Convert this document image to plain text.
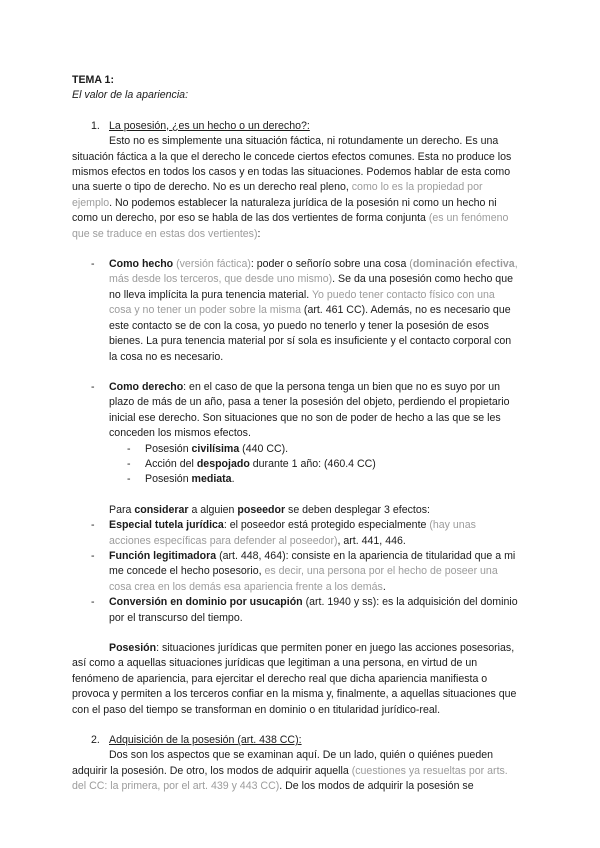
TEMA 1:

El valor de la apariencia:

1. La posesión, ¿es un hecho o un derecho?:

Esto no es simplemente una situación fáctica, ni rotundamente un derecho. Es una situación fáctica a la que el derecho le concede ciertos efectos comunes. Esta no produce los mismos efectos en todos los casos y en todas las situaciones. Podemos hablar de esta como una suerte o tipo de derecho. No es un derecho real pleno, como lo es la propiedad por ejemplo. No podemos establecer la naturaleza jurídica de la posesión ni como un hecho ni como un derecho, por eso se habla de las dos vertientes de forma conjunta (es un fenómeno que se traduce en estas dos vertientes):

- Como hecho (versión fáctica): poder o señorío sobre una cosa (dominación efectiva, más desde los terceros, que desde uno mismo). Se da una posesión como hecho que no lleva implícita la pura tenencia material. Yo puedo tener contacto físico con una cosa y no tener un poder sobre la misma (art. 461 CC). Además, no es necesario que este contacto se de con la cosa, yo puedo no tenerlo y tener la posesión de esos bienes. La pura tenencia material por sí sola es insuficiente y el contacto corporal con la cosa no es necesario.
- Como derecho: en el caso de que la persona tenga un bien que no es suyo por un plazo de más de un año, pasa a tener la posesión del objeto, perdiendo el propietario inicial ese derecho. Son situaciones que no son de poder de hecho a las que se les conceden los mismos efectos.
- Posesión civilísima (440 CC).
- Acción del despojado durante 1 año: (460.4 CC)
- Posesión mediata.

Para considerar a alguien poseedor se deben desplegar 3 efectos:

- Especial tutela jurídica: el poseedor está protegido especialmente (hay unas acciones específicas para defender al poseedor), art. 441, 446.
- Función legitimadora (art. 448, 464): consiste en la apariencia de titularidad que a mi me concede el hecho posesorio, es decir, una persona por el hecho de poseer una cosa crea en los demás esa apariencia frente a los demás.
- Conversión en dominio por usucapión (art. 1940 y ss): es la adquisición del dominio por el transcurso del tiempo.

Posesión: situaciones jurídicas que permiten poner en juego las acciones posesorias, así como a aquellas situaciones jurídicas que legitiman a una persona, en virtud de un fenómeno de apariencia, para ejercitar el derecho real que dicha apariencia manifiesta o provoca y permiten a los terceros confiar en la misma y, finalmente, a aquellas situaciones que con el paso del tiempo se transforman en dominio o en titularidad jurídico-real.

2. Adquisición de la posesión (art. 438 CC):

Dos son los aspectos que se examinan aquí. De un lado, quién o quiénes pueden adquirir la posesión. De otro, los modos de adquirir aquella (cuestiones ya resueltas por arts. del CC: la primera, por el art. 439 y 443 CC). De los modos de adquirir la posesión se
